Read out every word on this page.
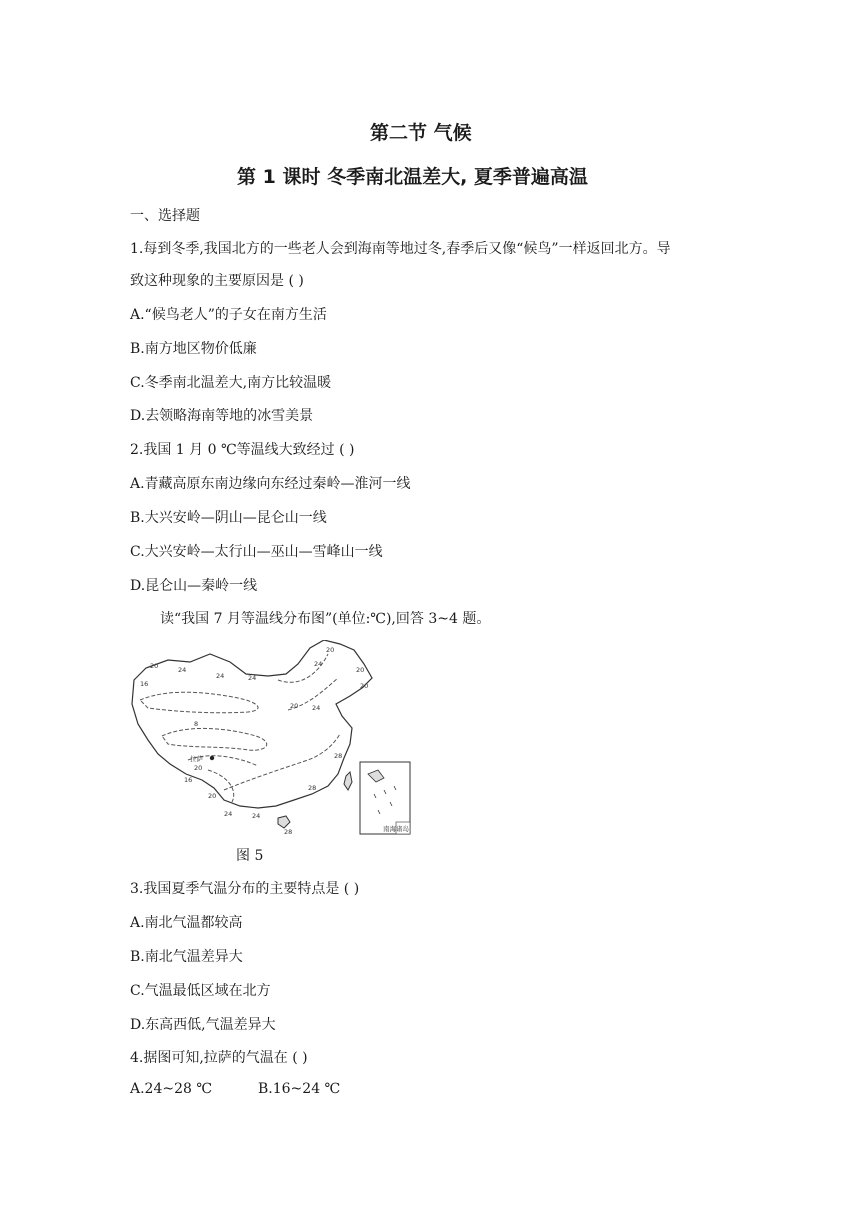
第二节 气候
第 1 课时 冬季南北温差大, 夏季普遍高温
一、选择题
1.每到冬季,我国北方的一些老人会到海南等地过冬,春季后又像“候鸟”一样返回北方。导
致这种现象的主要原因是 ( )
A.“候鸟老人”的子女在南方生活
B.南方地区物价低廉
C.冬季南北温差大,南方比较温暖
D.去领略海南等地的冰雪美景
2.我国 1 月 0 ℃等温线大致经过 ( )
A.青藏高原东南边缘向东经过秦岭—淮河一线
B.大兴安岭—阴山—昆仑山一线
C.大兴安岭—太行山—巫山—雪峰山一线
D.昆仑山—秦岭一线
读“我国 7 月等温线分布图”(单位:℃),回答 3~4 题。
20	24
24
16
24
20
20
24
20
20
8
24
28
20
16
20
24	24
28
28
拉萨
南海诸岛
图 5
3.我国夏季气温分布的主要特点是 ( )
A.南北气温都较高
B.南北气温差异大
C.气温最低区域在北方
D.东高西低,气温差异大
4.据图可知,拉萨的气温在 ( )
A.24~28 ℃	B.16~24 ℃
